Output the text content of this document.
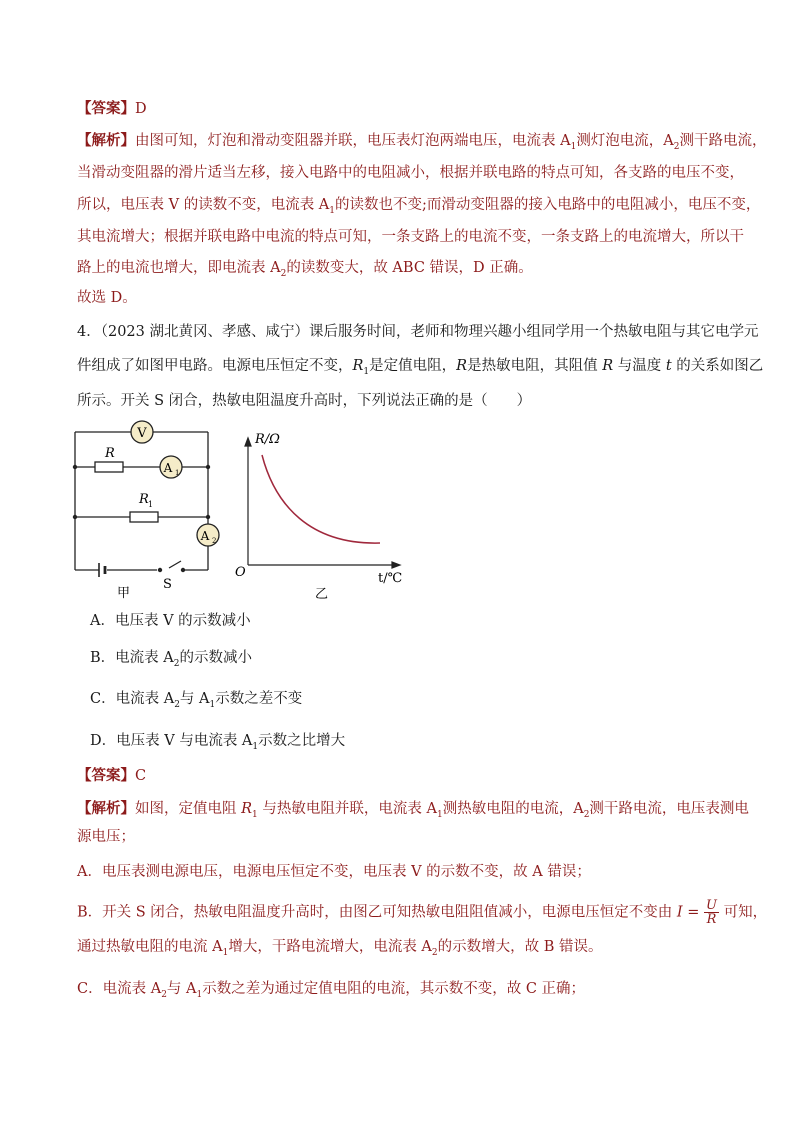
【答案】D
【解析】由图可知，灯泡和滑动变阻器并联，电压表灯泡两端电压，电流表 $A_1$测灯泡电流，$A_2$测干路电流，
当滑动变阻器的滑片适当左移，接入电路中的电阻减小，根据并联电路的特点可知，各支路的电压不变，
所以，电压表 V 的读数不变，电流表 $A_1$的读数也不变;而滑动变阻器的接入电路中的电阻减小，电压不变，
其电流增大；根据并联电路中电流的特点可知，一条支路上的电流不变，一条支路上的电流增大，所以干
路上的电流也增大，即电流表 $A_2$的读数变大，故 ABC 错误，D 正确。
故选 D。
4．（2023 湖北黄冈、孝感、咸宁）课后服务时间，老师和物理兴趣小组同学用一个热敏电阻与其它电学元
件组成了如图甲电路。电源电压恒定不变，$R_1$是定值电阻，R是热敏电阻，其阻值 R 与温度 t 的关系如图乙
所示。开关 S 闭合，热敏电阻温度升高时，下列说法正确的是（　　）
V
A 1
A 2
R
R 1
S
甲
R/Ω
O	t/℃
乙
A．电压表 V 的示数减小
B．电流表 $A_2$的示数减小
C．电流表 $A_2$与 $A_1$示数之差不变
D．电压表 V 与电流表 $A_1$示数之比增大
【答案】C
【解析】如图，定值电阻 $R_1$ 与热敏电阻并联，电流表 $A_1$测热敏电阻的电流，$A_2$测干路电流，电压表测电
源电压；
A．电压表测电源电压，电源电压恒定不变，电压表 V 的示数不变，故 A 错误；
B．开关 S 闭合，热敏电阻温度升高时，由图乙可知热敏电阻阻值减小，电源电压恒定不变由 $I = \frac{U}{R}$ 可知，
通过热敏电阻的电流 $A_1$增大，干路电流增大，电流表 $A_2$的示数增大，故 B 错误。
C．电流表 $A_2$与 $A_1$示数之差为通过定值电阻的电流，其示数不变，故 C 正确；
